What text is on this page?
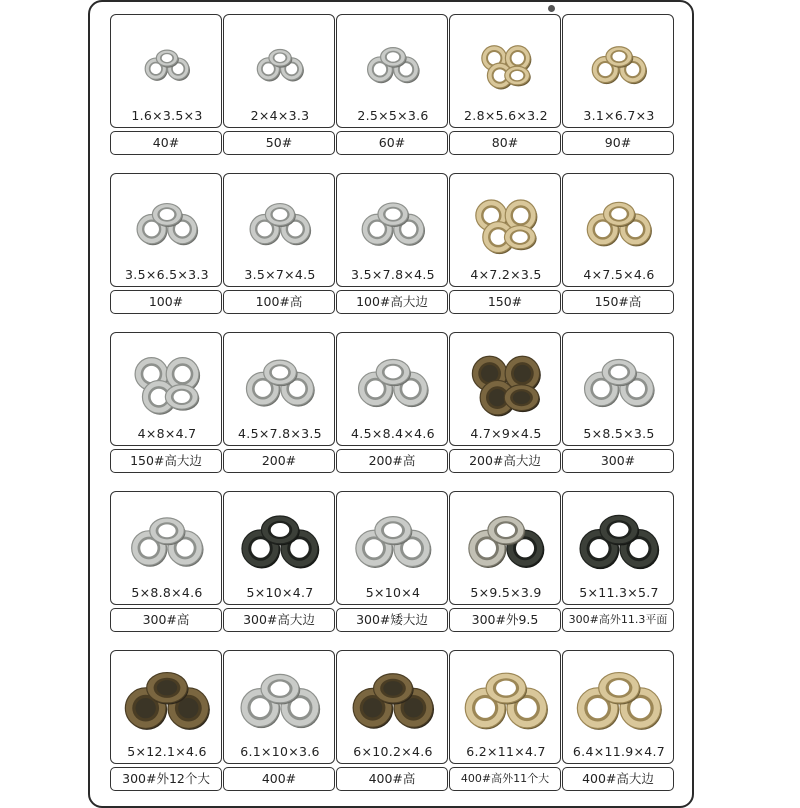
1.6×3.5×3
40#
2×4×3.3
50#
2.5×5×3.6
60#
2.8×5.6×3.2
80#
3.1×6.7×3
90#
3.5×6.5×3.3
100#
3.5×7×4.5
100#高
3.5×7.8×4.5
100#高大边
4×7.2×3.5
150#
4×7.5×4.6
150#高
4×8×4.7
150#高大边
4.5×7.8×3.5
200#
4.5×8.4×4.6
200#高
4.7×9×4.5
200#高大边
5×8.5×3.5
300#
5×8.8×4.6
300#高
5×10×4.7
300#高大边
5×10×4
300#矮大边
5×9.5×3.9
300#外9.5
5×11.3×5.7
300#高外11.3平面
5×12.1×4.6
300#外12个大
6.1×10×3.6
400#
6×10.2×4.6
400#高
6.2×11×4.7
400#高外11个大
6.4×11.9×4.7
400#高大边
